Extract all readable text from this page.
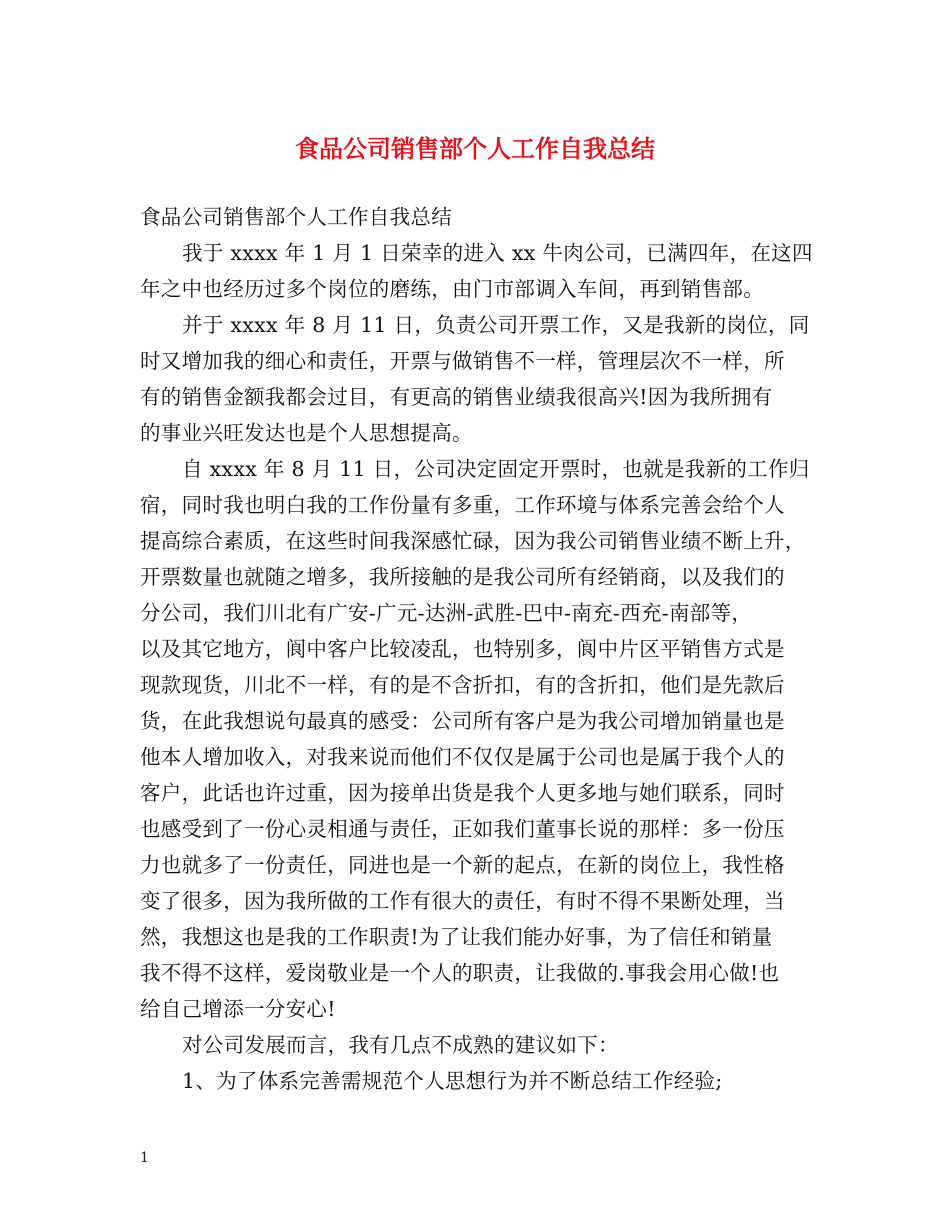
食品公司销售部个人工作自我总结
食品公司销售部个人工作自我总结
我于 xxxx 年 1 月 1 日荣幸的进入 xx 牛肉公司，已满四年，在这四
年之中也经历过多个岗位的磨练，由门市部调入车间，再到销售部。
并于 xxxx 年 8 月 11 日，负责公司开票工作，又是我新的岗位，同
时又增加我的细心和责任，开票与做销售不一样，管理层次不一样，所
有的销售金额我都会过目，有更高的销售业绩我很高兴!因为我所拥有
的事业兴旺发达也是个人思想提高。
自 xxxx 年 8 月 11 日，公司决定固定开票时，也就是我新的工作归
宿，同时我也明白我的工作份量有多重，工作环境与体系完善会给个人
提高综合素质，在这些时间我深感忙碌，因为我公司销售业绩不断上升，
开票数量也就随之增多，我所接触的是我公司所有经销商，以及我们的
分公司，我们川北有广安-广元-达洲-武胜-巴中-南充-西充-南部等，
以及其它地方，阆中客户比较凌乱，也特别多，阆中片区平销售方式是
现款现货，川北不一样，有的是不含折扣，有的含折扣，他们是先款后
货，在此我想说句最真的感受：公司所有客户是为我公司增加销量也是
他本人增加收入，对我来说而他们不仅仅是属于公司也是属于我个人的
客户，此话也许过重，因为接单出货是我个人更多地与她们联系，同时
也感受到了一份心灵相通与责任，正如我们董事长说的那样：多一份压
力也就多了一份责任，同进也是一个新的起点，在新的岗位上，我性格
变了很多，因为我所做的工作有很大的责任，有时不得不果断处理，当
然，我想这也是我的工作职责!为了让我们能办好事，为了信任和销量
我不得不这样，爱岗敬业是一个人的职责，让我做的.事我会用心做!也
给自己增添一分安心!
对公司发展而言，我有几点不成熟的建议如下：
1、为了体系完善需规范个人思想行为并不断总结工作经验;
1
